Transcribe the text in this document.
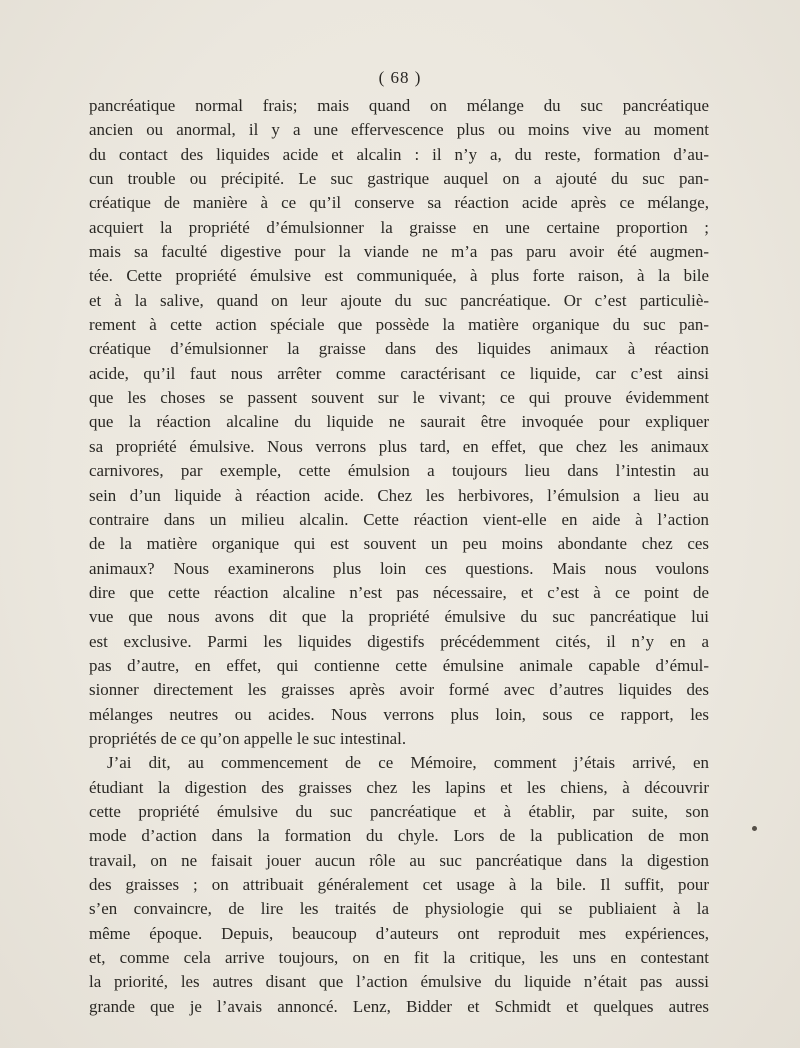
( 68 )
pancréatique normal frais; mais quand on mélange du suc pancréatique
ancien ou anormal, il y a une effervescence plus ou moins vive au moment
du contact des liquides acide et alcalin : il n’y a, du reste, formation d’au-
cun trouble ou précipité. Le suc gastrique auquel on a ajouté du suc pan-
créatique de manière à ce qu’il conserve sa réaction acide après ce mélange,
acquiert la propriété d’émulsionner la graisse en une certaine proportion ;
mais sa faculté digestive pour la viande ne m’a pas paru avoir été augmen-
tée. Cette propriété émulsive est communiquée, à plus forte raison, à la bile
et à la salive, quand on leur ajoute du suc pancréatique. Or c’est particuliè-
rement à cette action spéciale que possède la matière organique du suc pan-
créatique d’émulsionner la graisse dans des liquides animaux à réaction
acide, qu’il faut nous arrêter comme caractérisant ce liquide, car c’est ainsi
que les choses se passent souvent sur le vivant; ce qui prouve évidemment
que la réaction alcaline du liquide ne saurait être invoquée pour expliquer
sa propriété émulsive. Nous verrons plus tard, en effet, que chez les animaux
carnivores, par exemple, cette émulsion a toujours lieu dans l’intestin au
sein d’un liquide à réaction acide. Chez les herbivores, l’émulsion a lieu au
contraire dans un milieu alcalin. Cette réaction vient-elle en aide à l’action
de la matière organique qui est souvent un peu moins abondante chez ces
animaux? Nous examinerons plus loin ces questions. Mais nous voulons
dire que cette réaction alcaline n’est pas nécessaire, et c’est à ce point de
vue que nous avons dit que la propriété émulsive du suc pancréatique lui
est exclusive. Parmi les liquides digestifs précédemment cités, il n’y en a
pas d’autre, en effet, qui contienne cette émulsine animale capable d’émul-
sionner directement les graisses après avoir formé avec d’autres liquides des
mélanges neutres ou acides. Nous verrons plus loin, sous ce rapport, les
propriétés de ce qu’on appelle le suc intestinal.
J’ai dit, au commencement de ce Mémoire, comment j’étais arrivé, en
étudiant la digestion des graisses chez les lapins et les chiens, à découvrir
cette propriété émulsive du suc pancréatique et à établir, par suite, son
mode d’action dans la formation du chyle. Lors de la publication de mon
travail, on ne faisait jouer aucun rôle au suc pancréatique dans la digestion
des graisses ; on attribuait généralement cet usage à la bile. Il suffit, pour
s’en convaincre, de lire les traités de physiologie qui se publiaient à la
même époque. Depuis, beaucoup d’auteurs ont reproduit mes expériences,
et, comme cela arrive toujours, on en fit la critique, les uns en contestant
la priorité, les autres disant que l’action émulsive du liquide n’était pas aussi
grande que je l’avais annoncé. Lenz, Bidder et Schmidt et quelques autres
